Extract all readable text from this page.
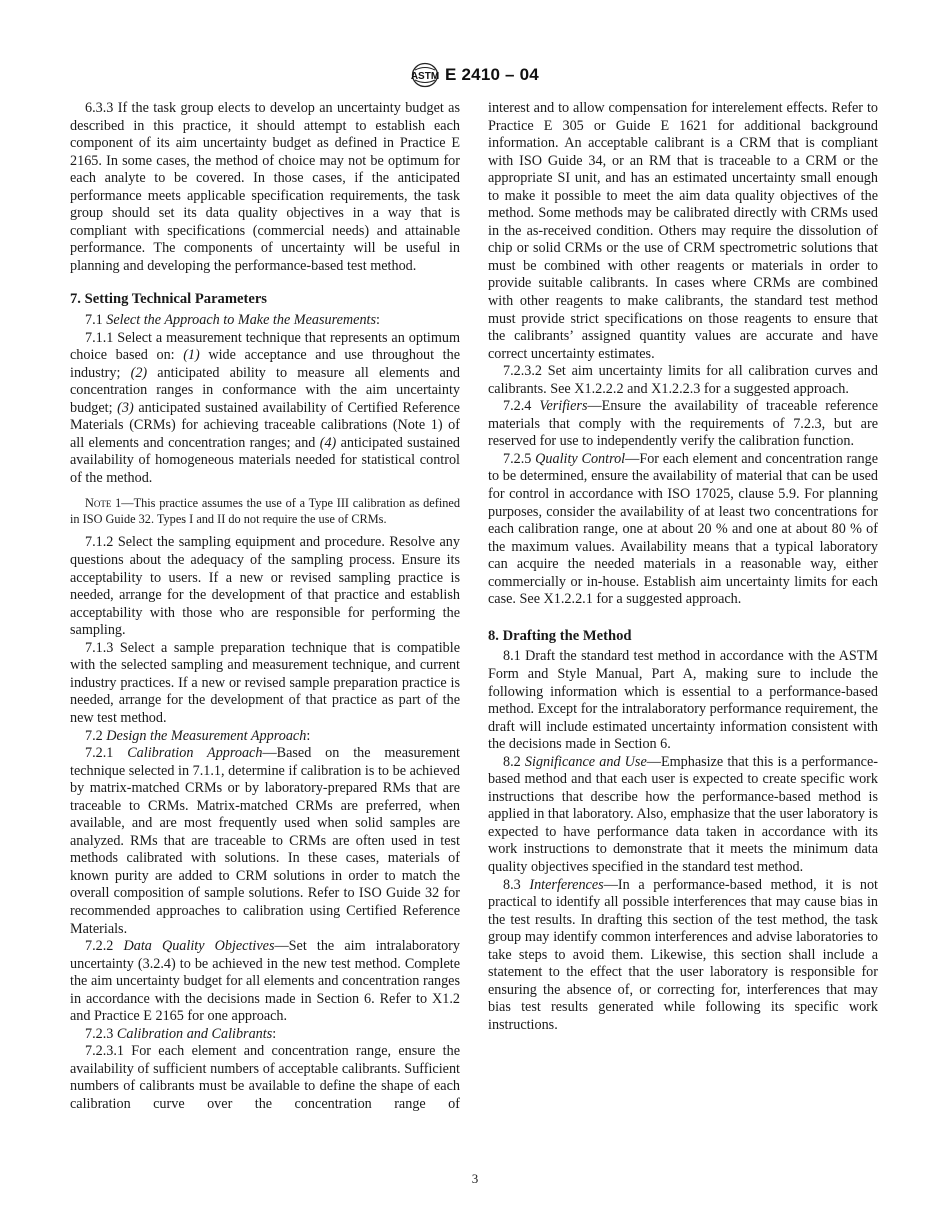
ASTM E 2410 – 04

6.3.3 If the task group elects to develop an uncertainty budget as described in this practice, it should attempt to establish each component of its aim uncertainty budget as defined in Practice E 2165. In some cases, the method of choice may not be optimum for each analyte to be covered. In those cases, if the anticipated performance meets applicable specification requirements, the task group should set its data quality objectives in a way that is compliant with specifications (commercial needs) and attainable performance. The components of uncertainty will be useful in planning and developing the performance-based test method.

7. Setting Technical Parameters

7.1 Select the Approach to Make the Measurements:

7.1.1 Select a measurement technique that represents an optimum choice based on: (1) wide acceptance and use throughout the industry; (2) anticipated ability to measure all elements and concentration ranges in conformance with the aim uncertainty budget; (3) anticipated sustained availability of Certified Reference Materials (CRMs) for achieving traceable calibrations (Note 1) of all elements and concentration ranges; and (4) anticipated sustained availability of homogeneous materials needed for statistical control of the method.

Note 1—This practice assumes the use of a Type III calibration as defined in ISO Guide 32. Types I and II do not require the use of CRMs.

7.1.2 Select the sampling equipment and procedure. Resolve any questions about the adequacy of the sampling process. Ensure its acceptability to users. If a new or revised sampling practice is needed, arrange for the development of that practice and establish acceptability with those who are responsible for performing the sampling.

7.1.3 Select a sample preparation technique that is compatible with the selected sampling and measurement technique, and current industry practices. If a new or revised sample preparation practice is needed, arrange for the development of that practice as part of the new test method.

7.2 Design the Measurement Approach:

7.2.1 Calibration Approach—Based on the measurement technique selected in 7.1.1, determine if calibration is to be achieved by matrix-matched CRMs or by laboratory-prepared RMs that are traceable to CRMs. Matrix-matched CRMs are preferred, when available, and are most frequently used when solid samples are analyzed. RMs that are traceable to CRMs are often used in test methods calibrated with solutions. In these cases, materials of known purity are added to CRM solutions in order to match the overall composition of sample solutions. Refer to ISO Guide 32 for recommended approaches to calibration using Certified Reference Materials.

7.2.2 Data Quality Objectives—Set the aim intralaboratory uncertainty (3.2.4) to be achieved in the new test method. Complete the aim uncertainty budget for all elements and concentration ranges in accordance with the decisions made in Section 6. Refer to X1.2 and Practice E 2165 for one approach.

7.2.3 Calibration and Calibrants:

7.2.3.1 For each element and concentration range, ensure the availability of sufficient numbers of acceptable calibrants. Sufficient numbers of calibrants must be available to define the shape of each calibration curve over the concentration range of

interest and to allow compensation for interelement effects. Refer to Practice E 305 or Guide E 1621 for additional background information. An acceptable calibrant is a CRM that is compliant with ISO Guide 34, or an RM that is traceable to a CRM or the appropriate SI unit, and has an estimated uncertainty small enough to make it possible to meet the aim data quality objectives of the method. Some methods may be calibrated directly with CRMs used in the as-received condition. Others may require the dissolution of chip or solid CRMs or the use of CRM spectrometric solutions that must be combined with other reagents or materials in order to provide suitable calibrants. In cases where CRMs are combined with other reagents to make calibrants, the standard test method must provide strict specifications on those reagents to ensure that the calibrants’ assigned quantity values are accurate and have correct uncertainty estimates.

7.2.3.2 Set aim uncertainty limits for all calibration curves and calibrants. See X1.2.2.2 and X1.2.2.3 for a suggested approach.

7.2.4 Verifiers—Ensure the availability of traceable reference materials that comply with the requirements of 7.2.3, but are reserved for use to independently verify the calibration function.

7.2.5 Quality Control—For each element and concentration range to be determined, ensure the availability of material that can be used for control in accordance with ISO 17025, clause 5.9. For planning purposes, consider the availability of at least two concentrations for each calibration range, one at about 20 % and one at about 80 % of the maximum values. Availability means that a typical laboratory can acquire the needed materials in a reasonable way, either commercially or in-house. Establish aim uncertainty limits for each case. See X1.2.2.1 for a suggested approach.

8. Drafting the Method

8.1 Draft the standard test method in accordance with the ASTM Form and Style Manual, Part A, making sure to include the following information which is essential to a performance-based method. Except for the intralaboratory performance requirement, the draft will include estimated uncertainty information consistent with the decisions made in Section 6.

8.2 Significance and Use—Emphasize that this is a performance-based method and that each user is expected to create specific work instructions that describe how the performance-based method is applied in that laboratory. Also, emphasize that the user laboratory is expected to have performance data taken in accordance with its work instructions to demonstrate that it meets the minimum data quality objectives specified in the standard test method.

8.3 Interferences—In a performance-based method, it is not practical to identify all possible interferences that may cause bias in the test results. In drafting this section of the test method, the task group may identify common interferences and advise laboratories to take steps to avoid them. Likewise, this section shall include a statement to the effect that the user laboratory is responsible for ensuring the absence of, or correcting for, interferences that may bias test results generated while following its specific work instructions.

3
